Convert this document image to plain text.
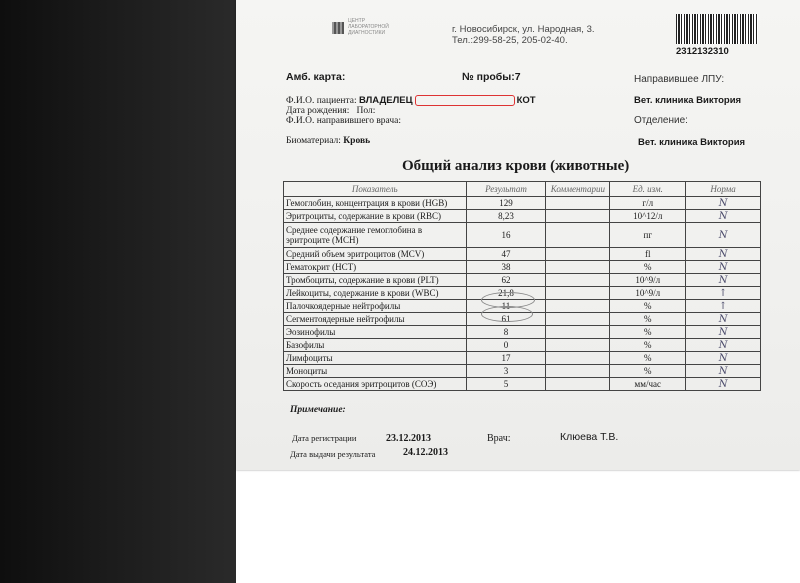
ЦЕНТР
ЛАБОРАТОРНОЙ
ДИАГНОСТИКИ	г. Новосибирск, ул. Народная, 3.
Тел.:299-58-25, 205-02-40.
2312132310
Амб. карта:	№ пробы:7	Направившее ЛПУ:
Вет. клиника Виктория
Ф.И.О. пациента: ВЛАДЕЛЕЦ	КОТ
Дата рождения: Пол:
Ф.И.О. направившего врача:	Отделение:
Вет. клиника Виктория
Биоматериал: Кровь
Общий анализ крови (животные)
Показатель	Результат	Комментарии	Ед. изм.	Норма
Гемоглобин, концентрация в крови (HGB)	129		г/л	N
Эритроциты, содержание в крови (RBC)	8,23		10^12/л	N
Среднее содержание гемоглобина в эритроците (МСН)	16		пг	N
Средний объем эритроцитов (MCV)	47		fl	N
Гематокрит (НСТ)	38		%	N
Тромбоциты, содержание в крови (PLT)	62		10^9/л	N
Лейкоциты, содержание в крови (WBC)	21,8		10^9/л	↑
Палочкоядерные нейтрофилы	11		%	↑
Сегментоядерные нейтрофилы	61		%	N
Эозинофилы	8		%	N
Базофилы	0		%	N
Лимфоциты	17		%	N
Моноциты	3		%	N
Скорость оседания эритроцитов (СОЭ)	5		мм/час	N
Примечание:
Дата регистрации	23.12.2013	Врач:	Клюева Т.В.
Дата выдачи результата	24.12.2013
